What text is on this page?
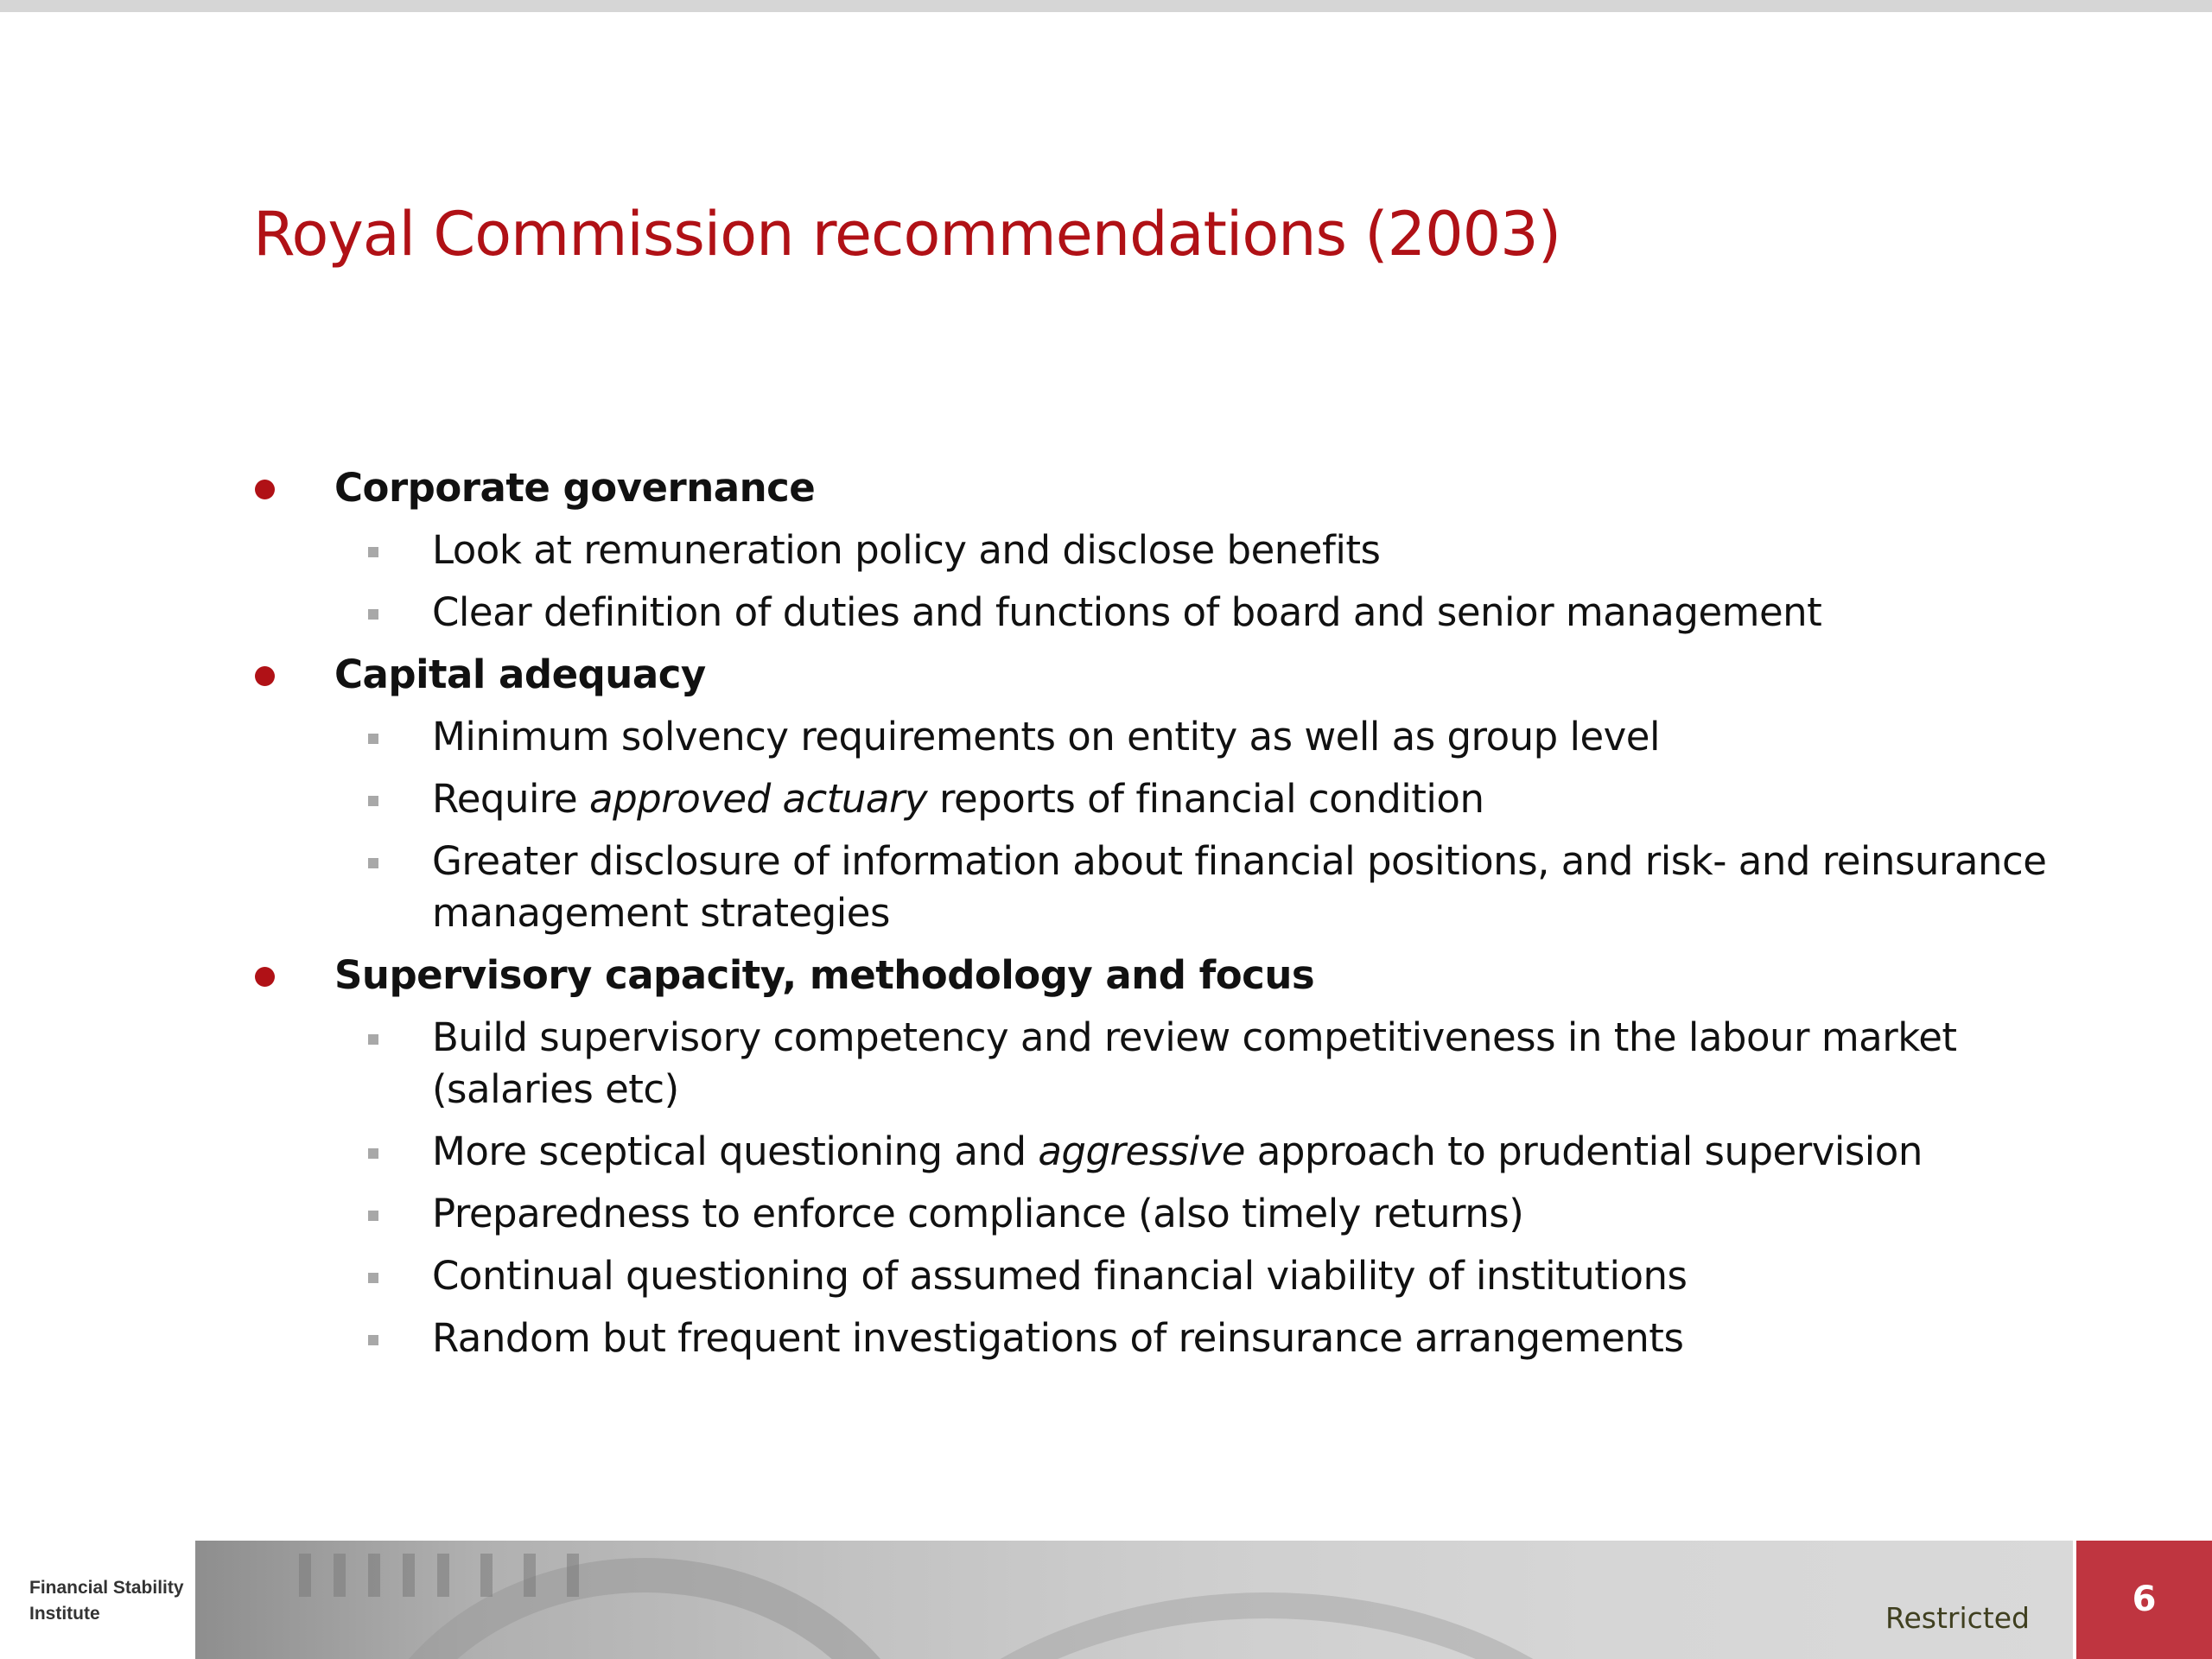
Royal Commission recommendations (2003)
Corporate governance
Look at remuneration policy and disclose benefits
Clear definition of duties and functions of board and senior management
Capital adequacy
Minimum solvency requirements on entity as well as group level
Require approved actuary reports of financial condition
Greater disclosure of information about financial positions, and risk- and reinsurance management strategies
Supervisory capacity, methodology and focus
Build supervisory competency and review competitiveness in the labour market (salaries etc)
More sceptical questioning and aggressive approach to prudential supervision
Preparedness to enforce compliance (also timely returns)
Continual questioning of assumed financial viability of institutions
Random but frequent investigations of reinsurance arrangements
Financial Stability
Institute	Restricted	6
